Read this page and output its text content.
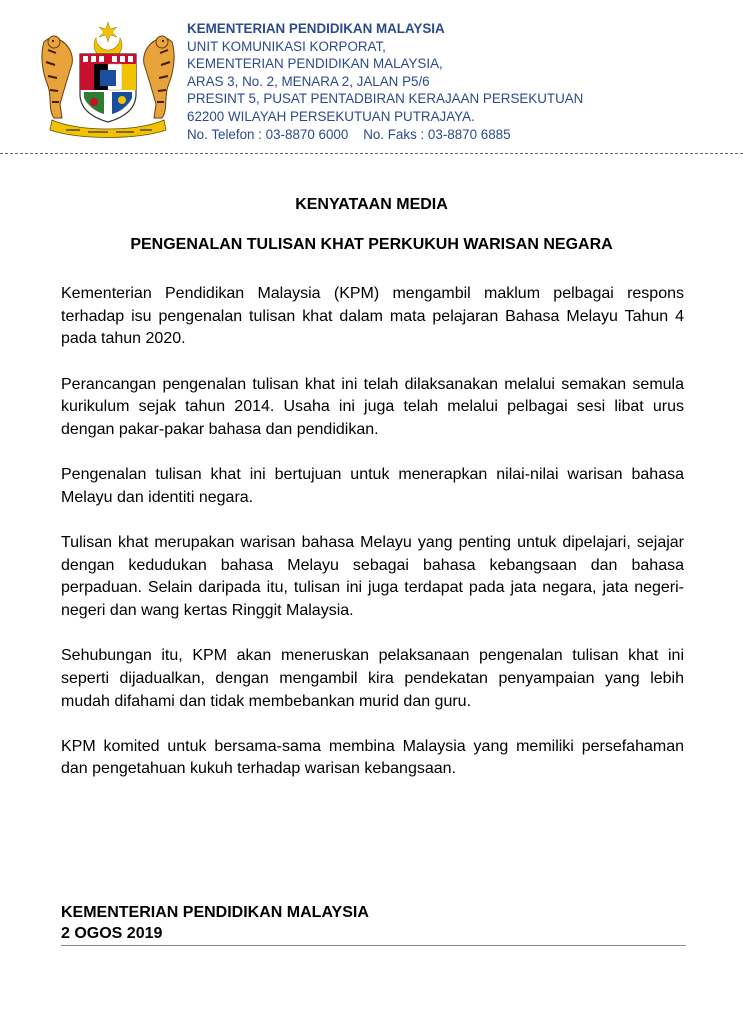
KEMENTERIAN PENDIDIKAN MALAYSIA
UNIT KOMUNIKASI KORPORAT,
KEMENTERIAN PENDIDIKAN MALAYSIA,
ARAS 3, No. 2, MENARA 2, JALAN P5/6
PRESINT 5, PUSAT PENTADBIRAN KERAJAAN PERSEKUTUAN
62200 WILAYAH PERSEKUTUAN PUTRAJAYA.
No. Telefon : 03-8870 6000    No. Faks : 03-8870 6885
KENYATAAN MEDIA
PENGENALAN TULISAN KHAT PERKUKUH WARISAN NEGARA

Kementerian Pendidikan Malaysia (KPM) mengambil maklum pelbagai respons terhadap isu pengenalan tulisan khat dalam mata pelajaran Bahasa Melayu Tahun 4 pada tahun 2020.

Perancangan pengenalan tulisan khat ini telah dilaksanakan melalui semakan semula kurikulum sejak tahun 2014. Usaha ini juga telah melalui pelbagai sesi libat urus dengan pakar-pakar bahasa dan pendidikan.

Pengenalan tulisan khat ini bertujuan untuk menerapkan nilai-nilai warisan bahasa Melayu dan identiti negara.

Tulisan khat merupakan warisan bahasa Melayu yang penting untuk dipelajari, sejajar dengan kedudukan bahasa Melayu sebagai bahasa kebangsaan dan bahasa perpaduan. Selain daripada itu, tulisan ini juga terdapat pada jata negara, jata negeri-negeri dan wang kertas Ringgit Malaysia.

Sehubungan itu, KPM akan meneruskan pelaksanaan pengenalan tulisan khat ini seperti dijadualkan, dengan mengambil kira pendekatan penyampaian yang lebih mudah difahami dan tidak membebankan murid dan guru.

KPM komited untuk bersama-sama membina Malaysia yang memiliki persefahaman dan pengetahuan kukuh terhadap warisan kebangsaan.

KEMENTERIAN PENDIDIKAN MALAYSIA
2 OGOS 2019
